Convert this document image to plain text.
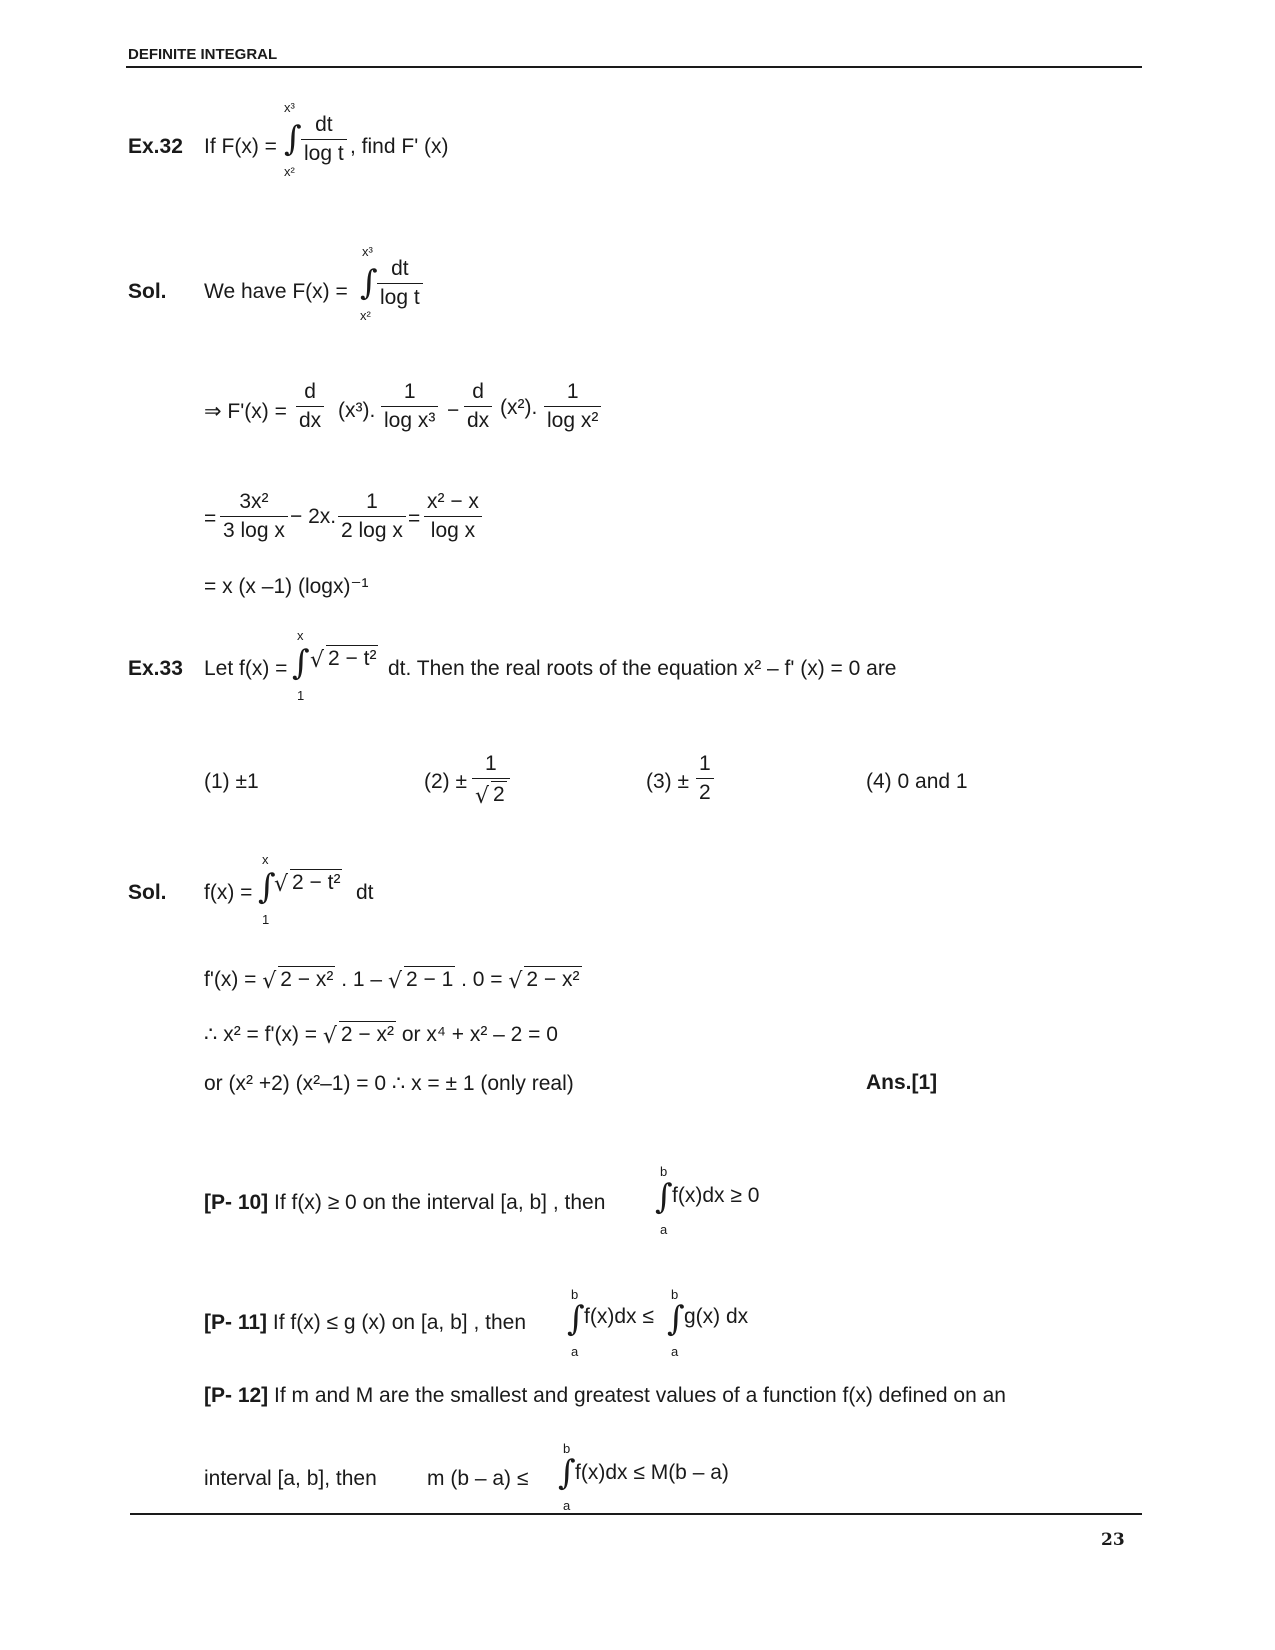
DEFINITE INTEGRAL
Ex.32 If F(x) =
x³
∫
x²
$\frac{dt}{\text{log t}}$ , find F' (x)
Sol. We have F(x) =
x³
∫
x²
$\frac{dt}{\text{log t}}$
⇒ $F'(x) = \frac{d}{dx} (x^3)$. $\frac{1}{\text{log x³}} - \frac{d}{dx} (x^2)$. $\frac{1}{\text{log x²}}$
= $\frac{\text{3x²}}{\text{3 log x}} - 2x$. $\frac{1}{\text{2 log x}} = \frac{\text{x² − x}}{\text{log x}}$
= x (x –1) (logx)⁻¹
Ex.33 Let f(x) =
x
∫
1
√ 2 − t² dt. Then the real roots of the equation x² – f' (x) = 0 are
(1) ±1	$(2) \pm \frac{1}{√ 2}$	$(3) \pm \frac{1}{2}$	(4) 0 and 1
Sol. f(x) =
x
∫
1
√ 2 − t² dt
f'(x) = √ 2 − x² . 1 – √ 2 − 1 . 0 = √ 2 − x²
∴ x² = f'(x) = √ 2 − x² or x⁴ + x² – 2 = 0
or (x² +2) (x²–1) = 0 ∴ x = ± 1 (only real)	Ans.[1]
[P- 10] If f(x) ≥ 0 on the interval [a, b] , then
b
∫
a
f(x)dx ≥ 0
[P- 11] If f(x) ≤ g (x) on [a, b] , then
b
∫
a
f(x)dx ≤
b
∫
a
g(x) dx
[P- 12] If m and M are the smallest and greatest values of a function f(x) defined on an
interval [a, b], then m (b – a) ≤
b
∫
a
f(x)dx ≤ M(b – a)
23
